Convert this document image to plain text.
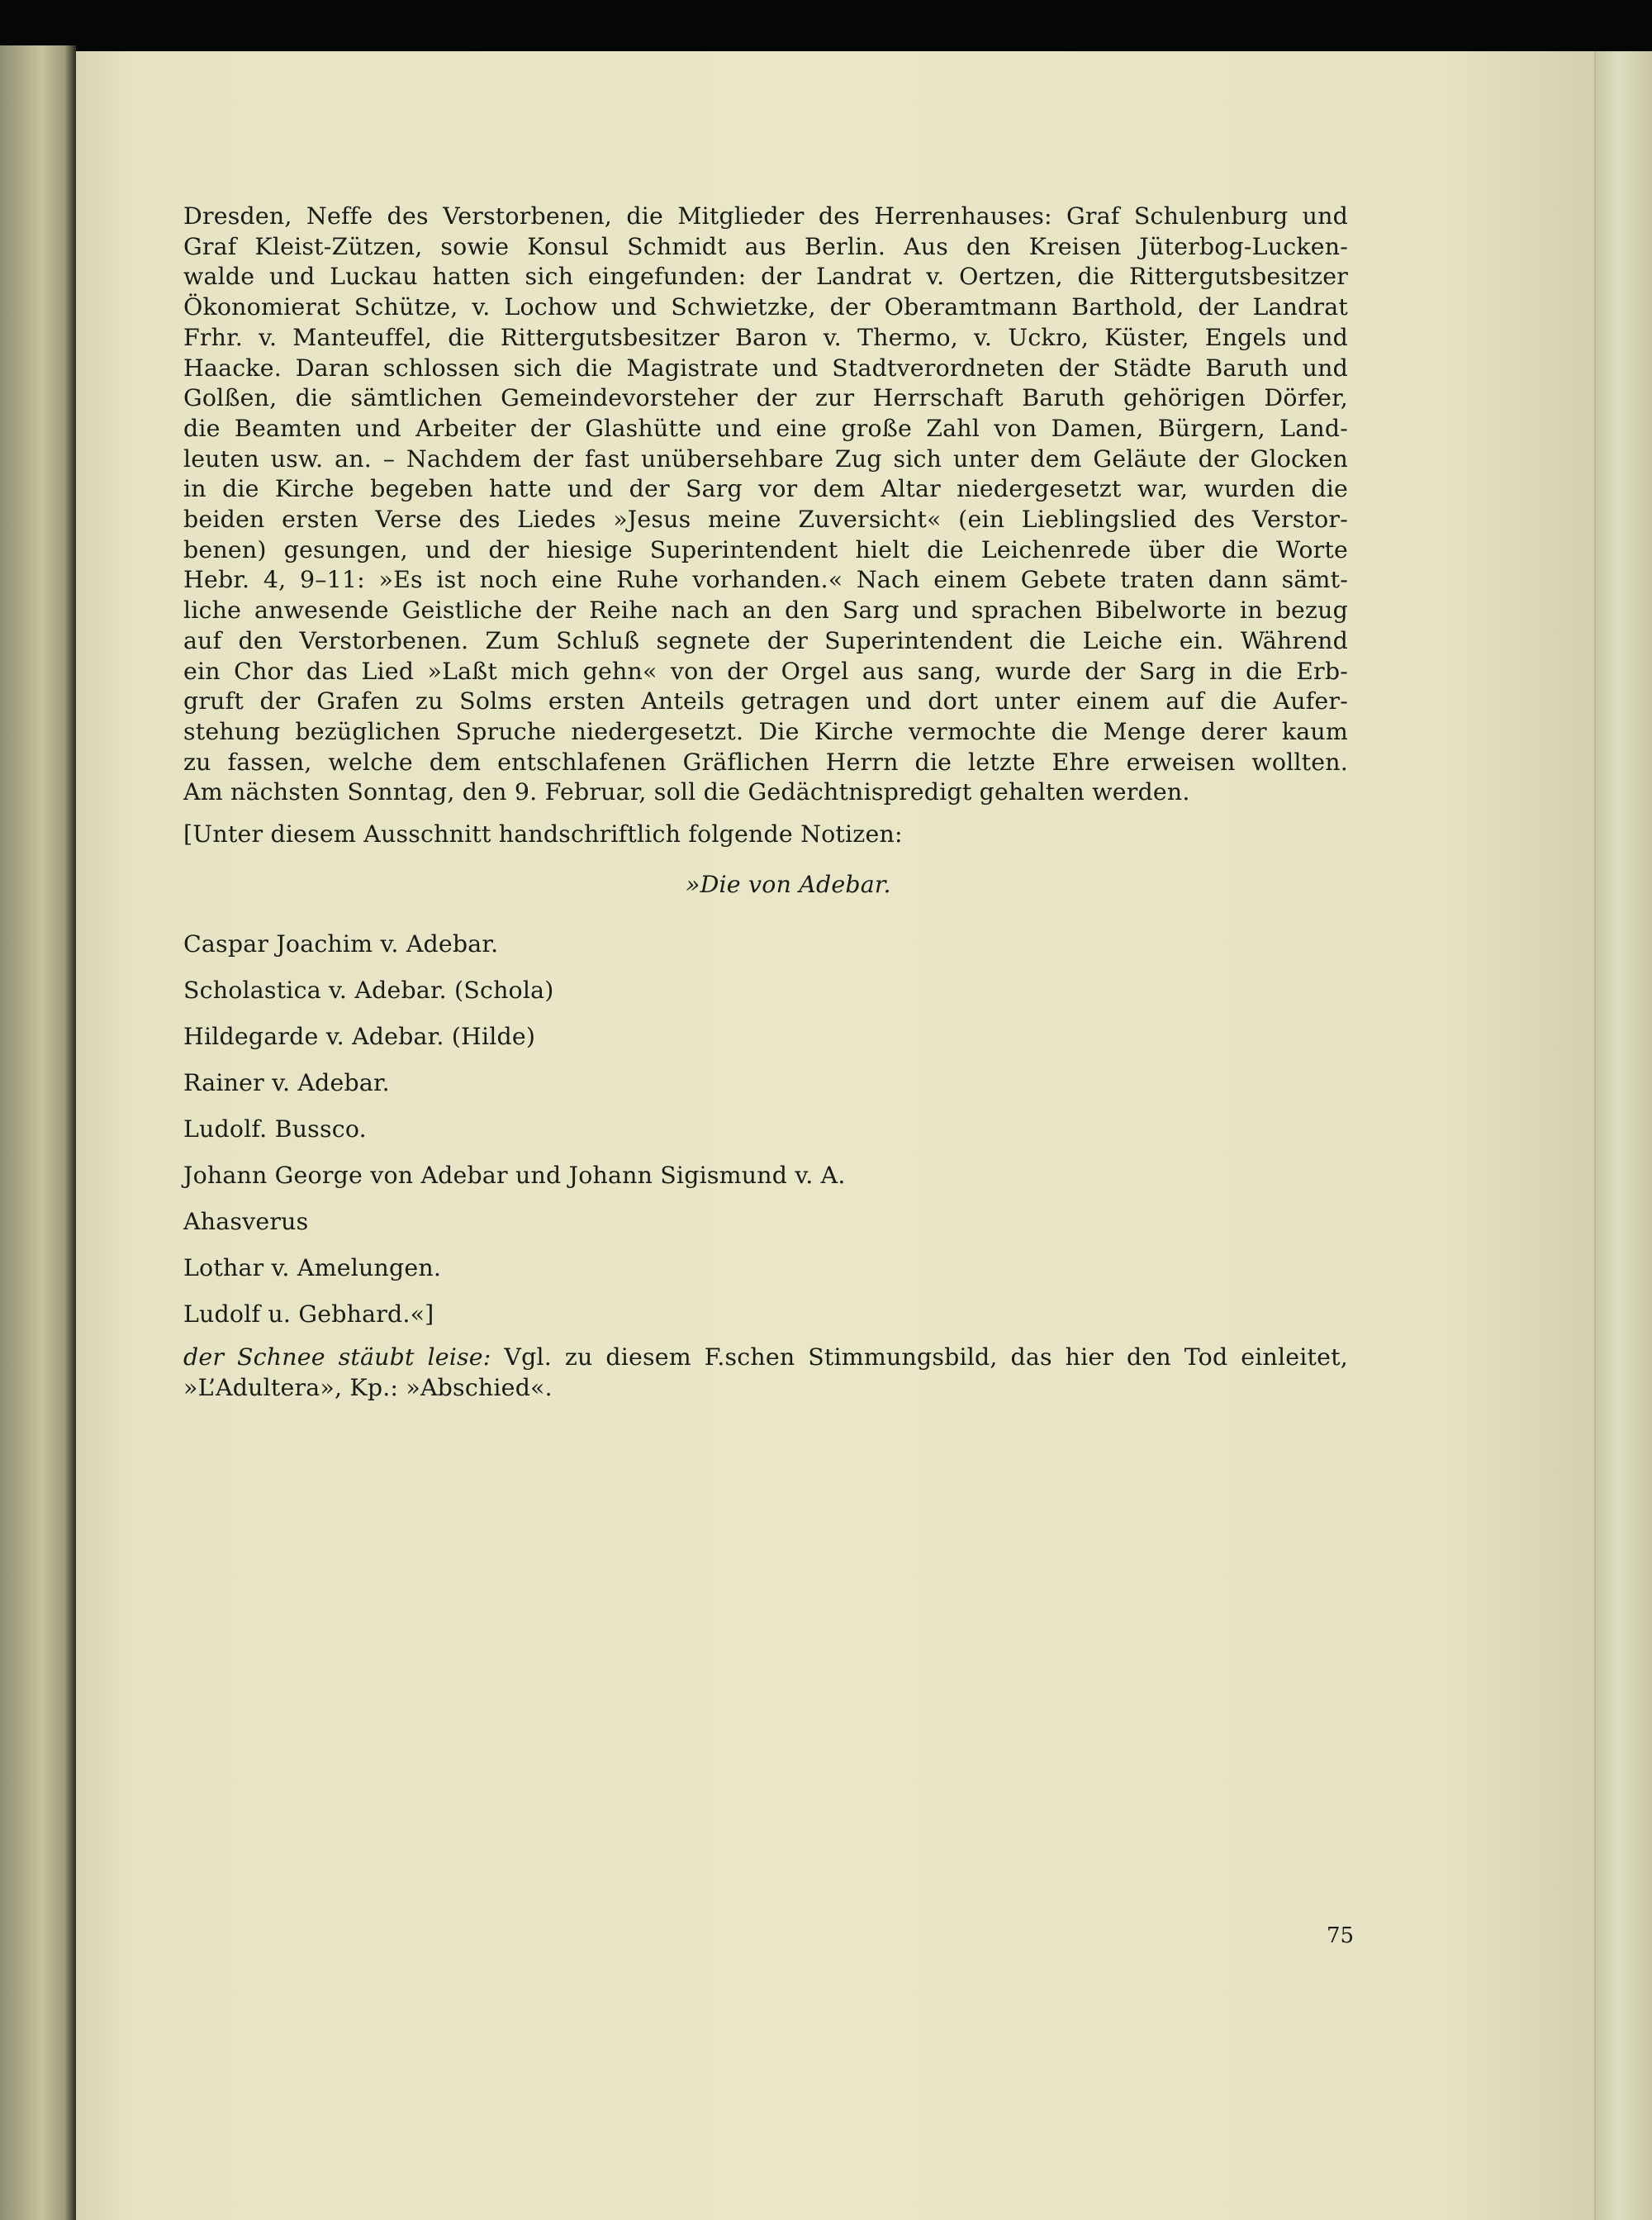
Dresden, Neffe des Verstorbenen, die Mitglieder des Herrenhauses: Graf Schulenburg und
Graf Kleist-Zützen, sowie Konsul Schmidt aus Berlin. Aus den Kreisen Jüterbog-Lucken-
walde und Luckau hatten sich eingefunden: der Landrat v. Oertzen, die Rittergutsbesitzer
Ökonomierat Schütze, v. Lochow und Schwietzke, der Oberamtmann Barthold, der Landrat
Frhr. v. Manteuffel, die Rittergutsbesitzer Baron v. Thermo, v. Uckro, Küster, Engels und
Haacke. Daran schlossen sich die Magistrate und Stadtverordneten der Städte Baruth und
Golßen, die sämtlichen Gemeindevorsteher der zur Herrschaft Baruth gehörigen Dörfer,
die Beamten und Arbeiter der Glashütte und eine große Zahl von Damen, Bürgern, Land-
leuten usw. an. – Nachdem der fast unübersehbare Zug sich unter dem Geläute der Glocken
in die Kirche begeben hatte und der Sarg vor dem Altar niedergesetzt war, wurden die
beiden ersten Verse des Liedes »Jesus meine Zuversicht« (ein Lieblingslied des Verstor-
benen) gesungen, und der hiesige Superintendent hielt die Leichenrede über die Worte
Hebr. 4, 9–11: »Es ist noch eine Ruhe vorhanden.« Nach einem Gebete traten dann sämt-
liche anwesende Geistliche der Reihe nach an den Sarg und sprachen Bibelworte in bezug
auf den Verstorbenen. Zum Schluß segnete der Superintendent die Leiche ein. Während
ein Chor das Lied »Laßt mich gehn« von der Orgel aus sang, wurde der Sarg in die Erb-
gruft der Grafen zu Solms ersten Anteils getragen und dort unter einem auf die Aufer-
stehung bezüglichen Spruche niedergesetzt. Die Kirche vermochte die Menge derer kaum
zu fassen, welche dem entschlafenen Gräflichen Herrn die letzte Ehre erweisen wollten.
Am nächsten Sonntag, den 9. Februar, soll die Gedächtnispredigt gehalten werden.

[Unter diesem Ausschnitt handschriftlich folgende Notizen:

»Die von Adebar.

Caspar Joachim v. Adebar.
Scholastica v. Adebar. (Schola)
Hildegarde v. Adebar. (Hilde)
Rainer v. Adebar.
Ludolf. Bussco.
Johann George von Adebar und Johann Sigismund v. A.
Ahasverus
Lothar v. Amelungen.
Ludolf u. Gebhard.«]
der Schnee stäubt leise: Vgl. zu diesem F.schen Stimmungsbild, das hier den Tod einleitet,
»L’Adultera», Kp.: »Abschied«.
75
